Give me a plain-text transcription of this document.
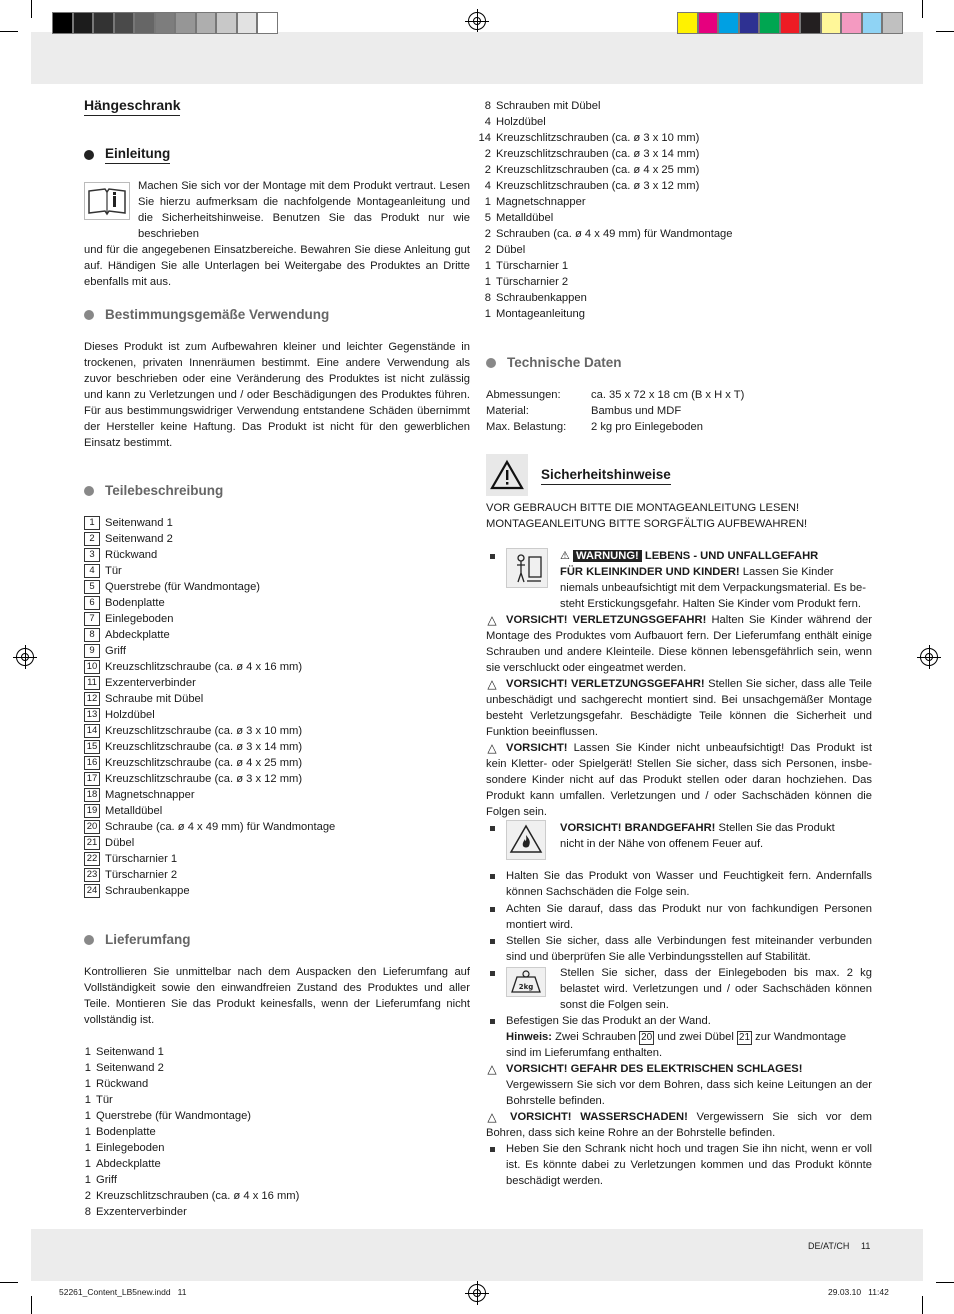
Hängeschrank
Einleitung

Machen Sie sich vor der Montage mit dem Produkt vertraut. Lesen Sie hierzu aufmerksam die nachfolgende Montageanleitung und die Sicherheitshinweise. Benutzen Sie das Produkt nur wie beschrieben

und für die angegebenen Einsatzbereiche. Bewahren Sie diese Anleitung gut auf. Händigen Sie alle Unterlagen bei Weitergabe des Produktes an Dritte ebenfalls mit aus.

Bestimmungsgemäße Verwendung

Dieses Produkt ist zum Aufbewahren kleiner und leichter Gegenstände in trockenen, privaten Innenräumen bestimmt. Eine andere Verwendung als zuvor beschrieben oder eine Veränderung des Produktes ist nicht zulässig und kann zu Verletzungen und / oder Beschädigungen des Produktes führen. Für aus bestimmungswidriger Verwendung entstandene Schäden übernimmt der Hersteller keine Haftung. Das Produkt ist nicht für den gewerblichen Einsatz bestimmt.

Teilebeschreibung
1 Seitenwand 1
2 Seitenwand 2
3 Rückwand
4 Tür
5 Querstrebe (für Wandmontage)
6 Bodenplatte
7 Einlegeboden
8 Abdeckplatte
9 Griff
10 Kreuzschlitzschraube (ca. ø 4 x 16 mm)
11 Exzenterverbinder
12 Schraube mit Dübel
13 Holzdübel
14 Kreuzschlitzschraube (ca. ø 3 x 10 mm)
15 Kreuzschlitzschraube (ca. ø 3 x 14 mm)
16 Kreuzschlitzschraube (ca. ø 4 x 25 mm)
17 Kreuzschlitzschraube (ca. ø 3 x 12 mm)
18 Magnetschnapper
19 Metalldübel
20 Schraube (ca. ø 4 x 49 mm) für Wandmontage
21 Dübel
22 Türscharnier 1
23 Türscharnier 2
24 Schraubenkappe
Lieferumfang

Kontrollieren Sie unmittelbar nach dem Auspacken den Lieferumfang auf Vollständigkeit sowie den einwandfreien Zustand des Produktes und aller Teile. Montieren Sie das Produkt keinesfalls, wenn der Lieferumfang nicht vollständig ist.

1 Seitenwand 1
1 Seitenwand 2
1 Rückwand
1 Tür
1 Querstrebe (für Wandmontage)
1 Bodenplatte
1 Einlegeboden
1 Abdeckplatte
1 Griff
2 Kreuzschlitzschrauben (ca. ø 4 x 16 mm)
8 Exzenterverbinder
8 Schrauben mit Dübel
4 Holzdübel
14 Kreuzschlitzschrauben (ca. ø 3 x 10 mm)
2 Kreuzschlitzschrauben (ca. ø 3 x 14 mm)
2 Kreuzschlitzschrauben (ca. ø 4 x 25 mm)
4 Kreuzschlitzschrauben (ca. ø 3 x 12 mm)
1 Magnetschnapper
5 Metalldübel
2 Schrauben (ca. ø 4 x 49 mm) für Wandmontage
2 Dübel
1 Türscharnier 1
1 Türscharnier 2
8 Schraubenkappen
1 Montageanleitung
Technische Daten
Abmessungen:	ca. 35 x 72 x 18 cm (B x H x T)
Material:	Bambus und MDF
Max. Belastung:	2 kg pro Einlegeboden
Sicherheitshinweise
VOR GEBRAUCH BITTE DIE MONTAGEANLEITUNG LESEN!
MONTAGEANLEITUNG BITTE SORGFÄLTIG AUFBEWAHREN!
⚠ WARNUNG! LEBENS - UND UNFALLGEFAHR
FÜR KLEINKINDER UND KINDER! Lassen Sie Kinder
niemals unbeaufsichtigt mit dem Verpackungsmaterial. Es be-
steht Erstickungsgefahr. Halten Sie Kinder vom Produkt fern.
△ VORSICHT! VERLETZUNGSGEFAHR! Halten Sie Kinder während der Montage des Produktes vom Aufbauort fern. Der Lieferumfang enthält einige Schrauben und andere Kleinteile. Diese können lebensgefährlich sein, wenn sie verschluckt oder eingeatmet werden.

△ VORSICHT! VERLETZUNGSGEFAHR! Stellen Sie sicher, dass alle Teile unbeschädigt und sachgerecht montiert sind. Bei unsachgemäßer Montage besteht Verletzungsgefahr. Beschädigte Teile können die Sicherheit und Funktion beeinflussen.

△ VORSICHT! Lassen Sie Kinder nicht unbeaufsichtigt! Das Produkt ist kein Kletter- oder Spielgerät! Stellen Sie sicher, dass sich Personen, insbe-sondere Kinder nicht auf das Produkt stellen oder daran hochziehen. Das Produkt kann umfallen. Verletzungen und / oder Sachschäden können die Folgen sein.

VORSICHT! BRANDGEFAHR! Stellen Sie das Produkt
nicht in der Nähe von offenem Feuer auf.

Halten Sie das Produkt von Wasser und Feuchtigkeit fern. Andernfalls können Sachschäden die Folge sein.

Achten Sie darauf, dass das Produkt nur von fachkundigen Personen montiert wird.

Stellen Sie sicher, dass alle Verbindungen fest miteinander verbunden sind und überprüfen Sie alle Verbindungsstellen auf Stabilität.

2kg

Stellen Sie sicher, dass der Einlegeboden bis max. 2 kg belastet wird. Verletzungen und / oder Sachschäden können sonst die Folgen sein.

Befestigen Sie das Produkt an der Wand.
Hinweis: Zwei Schrauben 20 und zwei Dübel 21 zur Wandmontage
sind im Lieferumfang enthalten.
△ VORSICHT! GEFAHR DES ELEKTRISCHEN SCHLAGES!

Vergewissern Sie sich vor dem Bohren, dass sich keine Leitungen an der Bohrstelle befinden.

△	VORSICHT! WASSERSCHADEN! Vergewissern Sie sich vor dem Bohren, dass sich keine Rohre an der Bohrstelle befinden.

Heben Sie den Schrank nicht hoch und tragen Sie ihn nicht, wenn er voll ist. Es könnte dabei zu Verletzungen kommen und das Produkt könnte beschädigt werden.

DE/AT/CH 11
52261_Content_LB5new.indd   11	29.03.10   11:42
